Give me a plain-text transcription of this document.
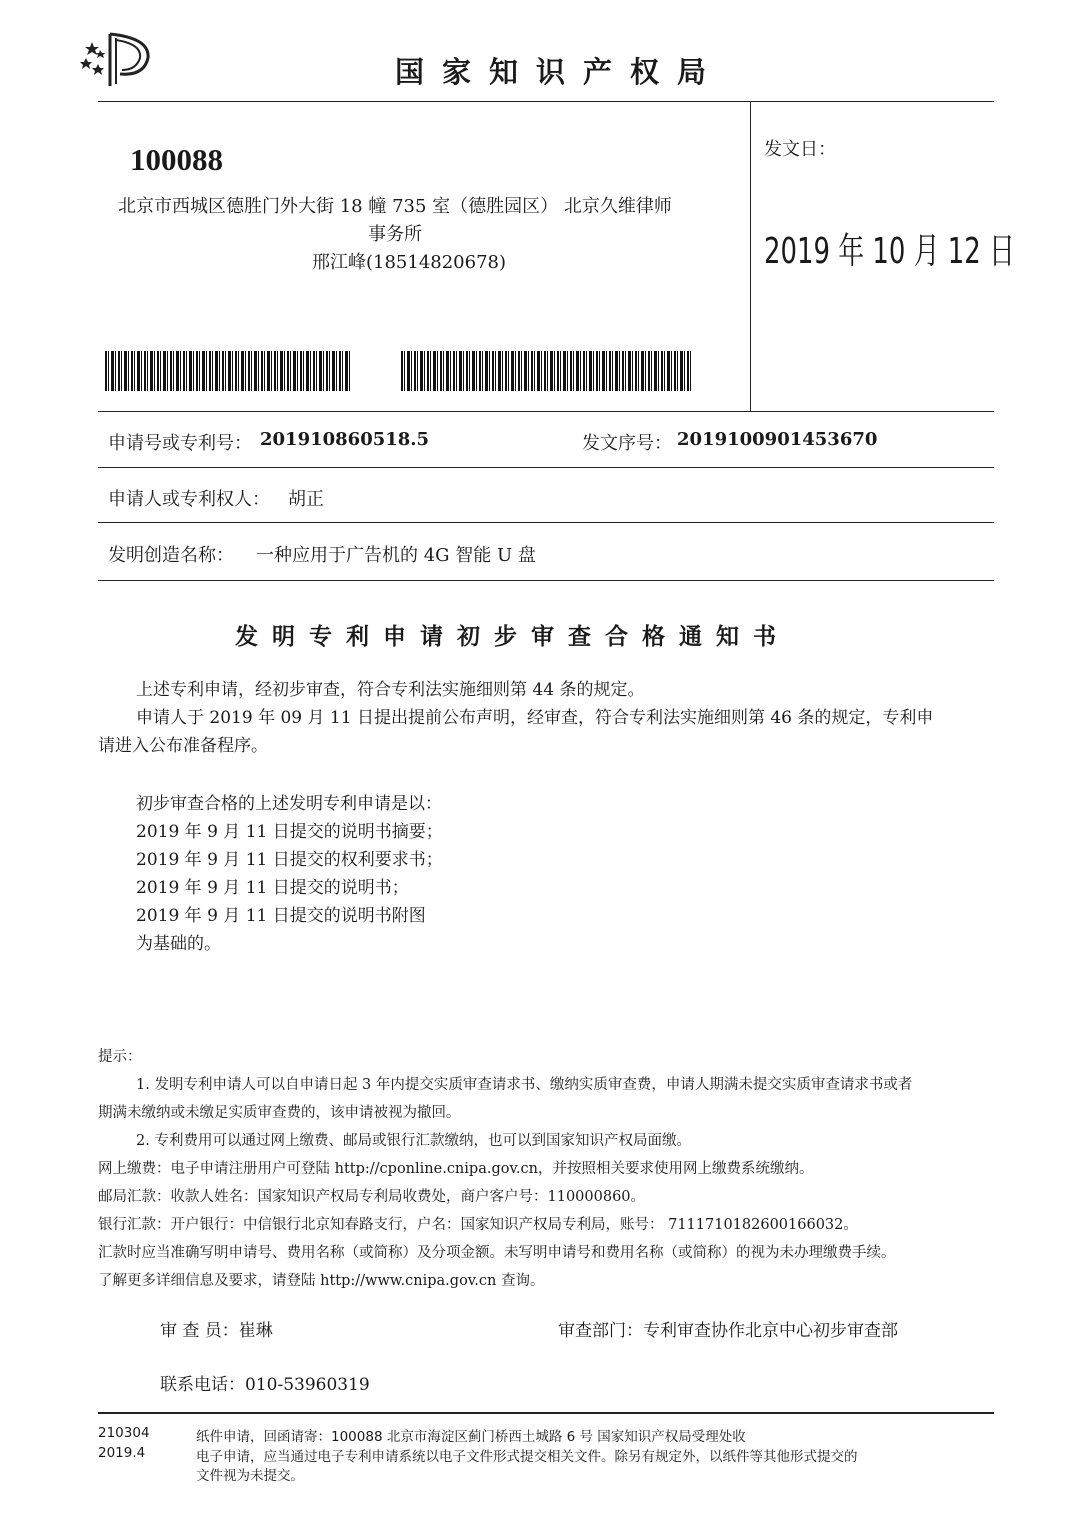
国家知识产权局
100088
北京市西城区德胜门外大街 18 幢 735 室（德胜园区） 北京久维律师
事务所
邢江峰(18514820678)
发文日：
2019 年 10 月 12 日
申请号或专利号： 201910860518.5	发文序号： 2019100901453670
申请人或专利权人： 胡正
发明创造名称： 一种应用于广告机的 4G 智能 U 盘
发明专利申请初步审查合格通知书
上述专利申请，经初步审查，符合专利法实施细则第 44 条的规定。
申请人于 2019 年 09 月 11 日提出提前公布声明，经审查，符合专利法实施细则第 46 条的规定，专利申
请进入公布准备程序。
初步审查合格的上述发明专利申请是以：
2019 年 9 月 11 日提交的说明书摘要；
2019 年 9 月 11 日提交的权利要求书；
2019 年 9 月 11 日提交的说明书；
2019 年 9 月 11 日提交的说明书附图
为基础的。
提示：
1. 发明专利申请人可以自申请日起 3 年内提交实质审查请求书、缴纳实质审查费，申请人期满未提交实质审查请求书或者
期满未缴纳或未缴足实质审查费的，该申请被视为撤回。
2. 专利费用可以通过网上缴费、邮局或银行汇款缴纳，也可以到国家知识产权局面缴。
网上缴费：电子申请注册用户可登陆 http://cponline.cnipa.gov.cn，并按照相关要求使用网上缴费系统缴纳。
邮局汇款：收款人姓名：国家知识产权局专利局收费处，商户客户号：110000860。
银行汇款：开户银行：中信银行北京知春路支行，户名：国家知识产权局专利局，账号： 7111710182600166032。
汇款时应当准确写明申请号、费用名称（或简称）及分项金额。未写明申请号和费用名称（或简称）的视为未办理缴费手续。
了解更多详细信息及要求，请登陆 http://www.cnipa.gov.cn 查询。
审 查 员：崔琳	审查部门：专利审查协作北京中心初步审查部
联系电话：010-53960319
210304
2019.4
纸件申请，回函请寄：100088 北京市海淀区蓟门桥西土城路 6 号 国家知识产权局受理处收
电子申请，应当通过电子专利申请系统以电子文件形式提交相关文件。除另有规定外，以纸件等其他形式提交的
文件视为未提交。
